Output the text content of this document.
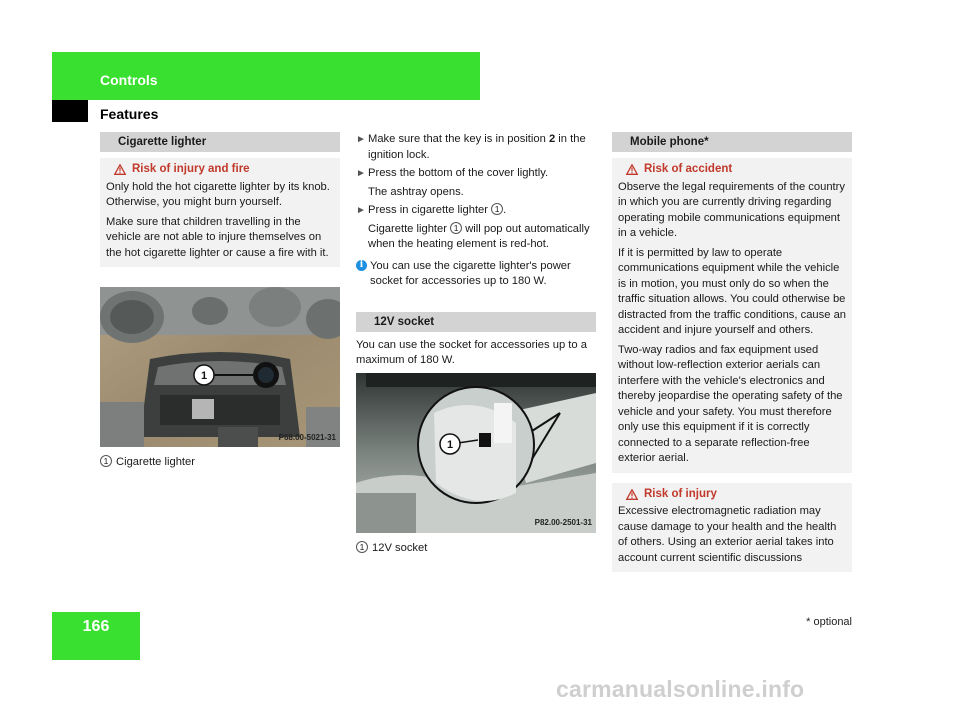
Controls
Features
Cigarette lighter
Risk of injury and fire
Only hold the hot cigarette lighter by its knob. Otherwise, you might burn yourself.
Make sure that children travelling in the vehicle are not able to injure themselves on the hot cigarette lighter or cause a fire with it.
1
P68.00-5021-31
1 Cigarette lighter
► Make sure that the key is in position 2 in the ignition lock.
► Press the bottom of the cover lightly.
The ashtray opens.
► Press in cigarette lighter 1 .
Cigarette lighter 1 will pop out automatically when the heating element is red-hot.
i You can use the cigarette lighter's power socket for accessories up to 180 W.
12V socket
You can use the socket for accessories up to a maximum of 180 W.
1
P82.00-2501-31
1 12V socket
Mobile phone*
Risk of accident
Observe the legal requirements of the country in which you are currently driving regarding operating mobile communications equipment in a vehicle.
If it is permitted by law to operate communications equipment while the vehicle is in motion, you must only do so when the traffic situation allows. You could otherwise be distracted from the traffic conditions, cause an accident and injure yourself and others.
Two-way radios and fax equipment used without low-reflection exterior aerials can interfere with the vehicle's electronics and thereby jeopardise the operating safety of the vehicle and your safety. You must therefore only use this equipment if it is correctly connected to a separate reflection-free exterior aerial.
Risk of injury
Excessive electromagnetic radiation may cause damage to your health and the health of others. Using an exterior aerial takes into account current scientific discussions
166	* optional
carmanualsonline.info
